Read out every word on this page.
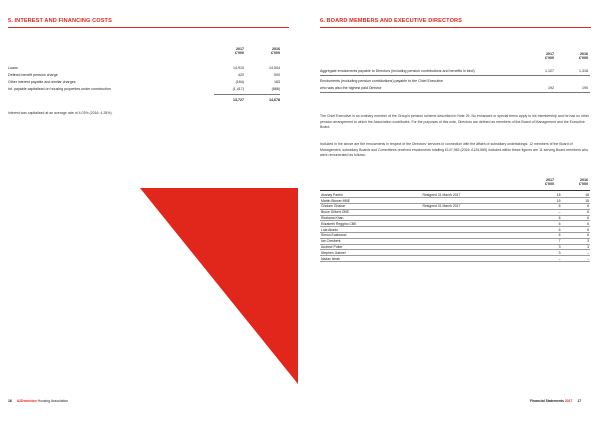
5. INTEREST AND FINANCING COSTS
2017
£'000
2016
£'000
Loans	14,910	14,504
Defined benefit pension charge	420	500
Other interest payable and similar charges	(184)	183
Int. payable capitalised on housing properties under construction	(1,417)	(886)
13,727	14,678
Interest was capitalised at an average rate of 4.03% (2016: 4.28%).
16 A2Dominion Housing Association
6. BOARD MEMBERS AND EXECUTIVE DIRECTORS
2017
£'000
2016
£'000
Aggregate emoluments payable to Directors (including pension contributions and benefits in kind)	1,127	1,318
Emoluments (excluding pension contributions) payable to the Chief Executive
who was also the highest paid Director	192	190
The Chief Executive is an ordinary member of the Group's pension scheme described in Note 29. No enhanced or special terms apply to his membership and he has no other pension arrangement to which the Association contributes. For the purposes of this note, Directors are defined as members of the Board of Management and the Executive Board.
Included in the above are the emoluments in respect of the Directors' services in connection with the affairs of subsidiary undertakings. 12 members of the Board of Management, subsidiary Boards and Committees received emoluments totalling £147,983 (2016: £126,565) included within these figures are 11 serving Board members who were remunerated as follows:
2017
£'000
2016
£'000
Akshay Parikh	Resigned 31 March 2017	18	18
Martin Blower MBE		15	15
Gholam Ghahar	Resigned 31 March 2017	6	6
Bruce Gilbert OBE		–	6
Shahana Khan		6	6
Elizabeth Reggino CBE		6	6
Lola Abadu		6	6
Simon Eastwood		6	6
Ian Cresbent		7	3
Andrew Potter		3	3
Stephen Gabriel		3	–
Nadav Ishak		–	–
Financial Statements 2017 17
